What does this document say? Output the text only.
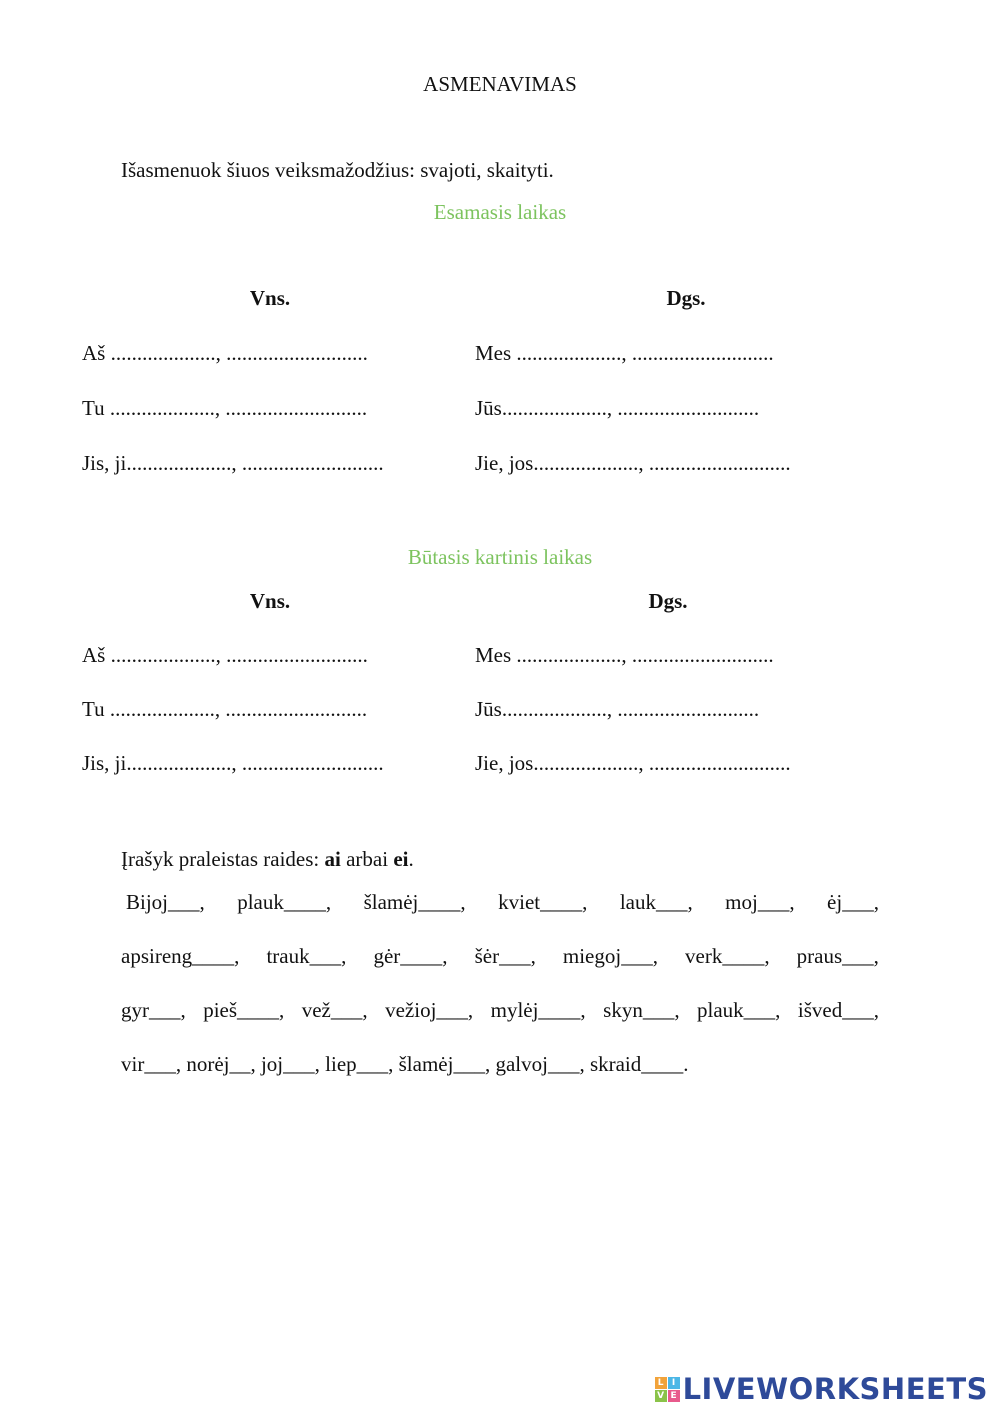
ASMENAVIMAS
Išasmenuok šiuos veiksmažodžius: svajoti, skaityti.
Esamasis laikas
Vns.	Dgs.
Aš ...................., ...........................
Tu ...................., ...........................
Jis, ji...................., ...........................
Mes ...................., ...........................
Jūs...................., ...........................
Jie, jos...................., ...........................
Būtasis kartinis laikas
Vns.	Dgs.
Aš ...................., ...........................
Tu ...................., ...........................
Jis, ji...................., ...........................
Mes ...................., ...........................
Jūs...................., ...........................
Jie, jos...................., ...........................
Įrašyk praleistas raides: ai arbai ei.
Bijoj___, plauk____, šlamėj____, kviet____, lauk___, moj___, ėj___,
apsireng____, trauk___, gėr____, šėr___, miegoj___, verk____, praus___,
gyr___, pieš____, vež___, vežioj___, mylėj____, skyn___, plauk___, išved___,
vir___, norėj__, joj___, liep___, šlamėj___, galvoj___, skraid____.
L I
V E LIVEWORKSHEETS
